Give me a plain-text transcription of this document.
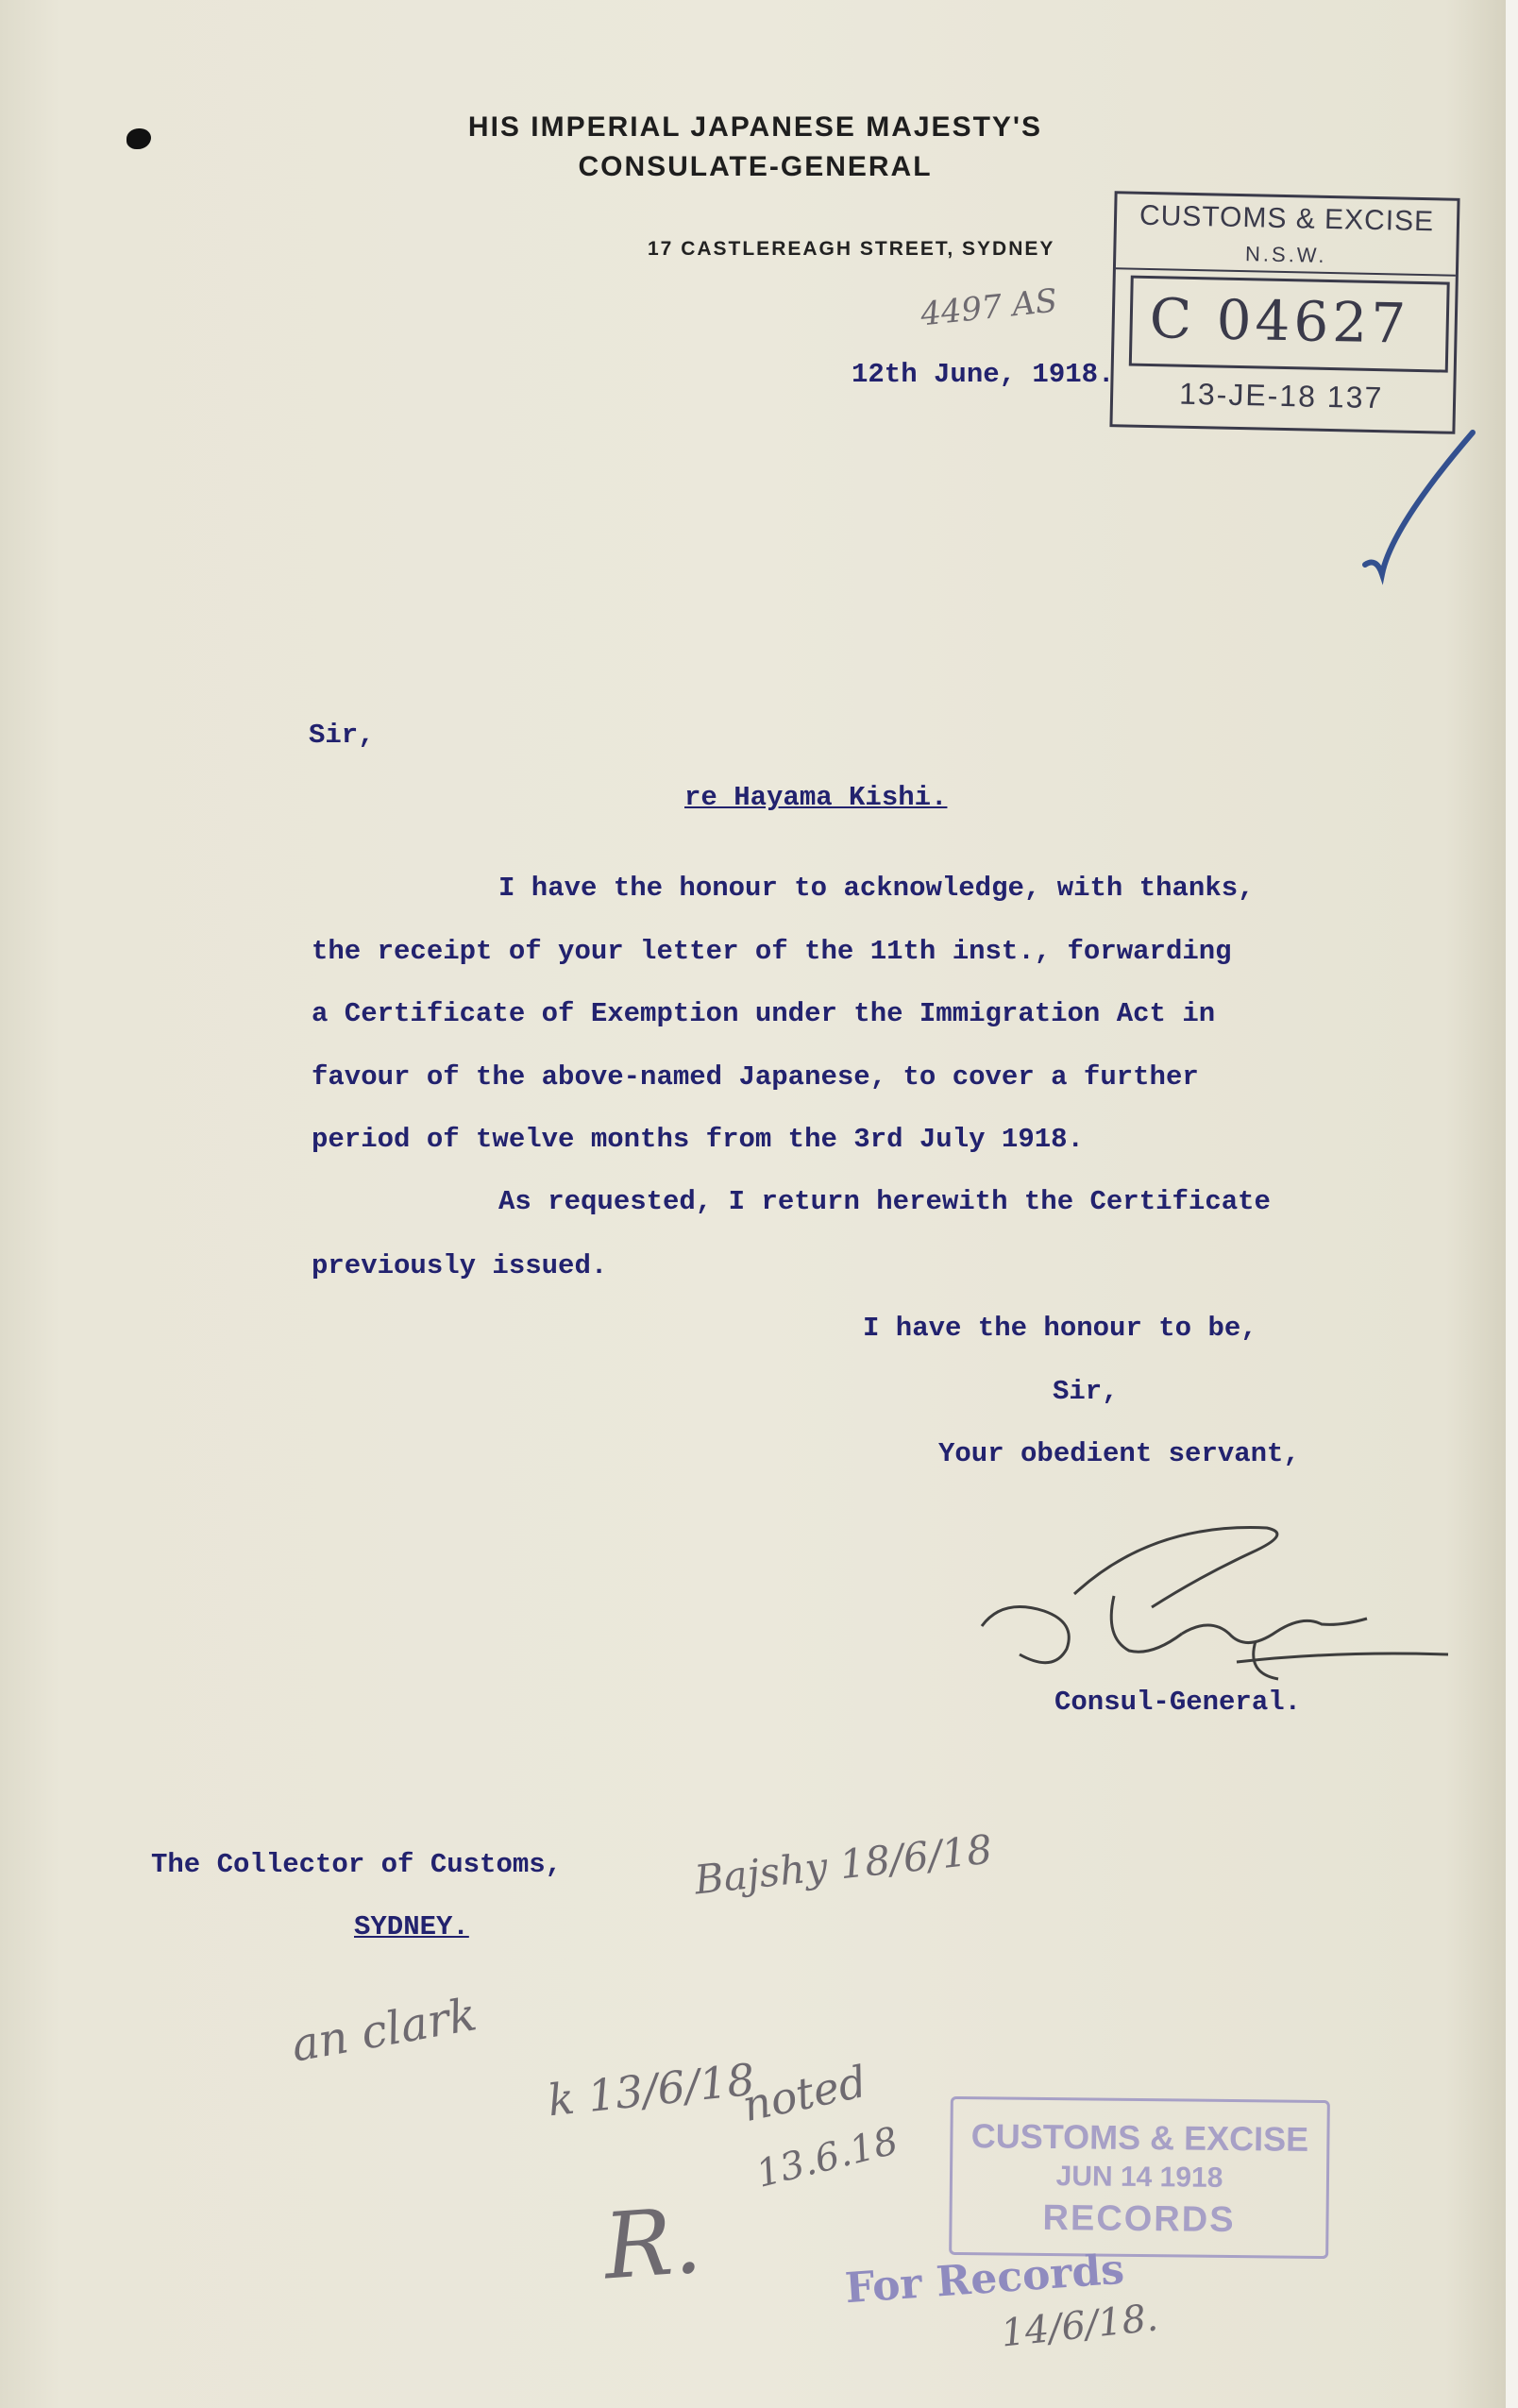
HIS IMPERIAL JAPANESE MAJESTY'S
CONSULATE-GENERAL
17 CASTLEREAGH STREET, SYDNEY
4497 AS
CUSTOMS & EXCISE
N.S.W.
C 04627
13-JE-18 137
12th June, 1918.
Sir,
re Hayama Kishi.
I have the honour to acknowledge, with thanks,
the receipt of your letter of the 11th inst., forwarding
a Certificate of Exemption under the Immigration Act in
favour of the above-named Japanese, to cover a further
period of twelve months from the 3rd July 1918.
As requested, I return herewith the Certificate
previously issued.
I have the honour to be,
Sir,
Your obedient servant,
Consul-General.
The Collector of Customs,
SYDNEY.
Bajshy 18/6/18
an clark
k 13/6/18
noted
13.6.18
R.
CUSTOMS & EXCISE
JUN 14 1918
RECORDS
For Records
14/6/18.
